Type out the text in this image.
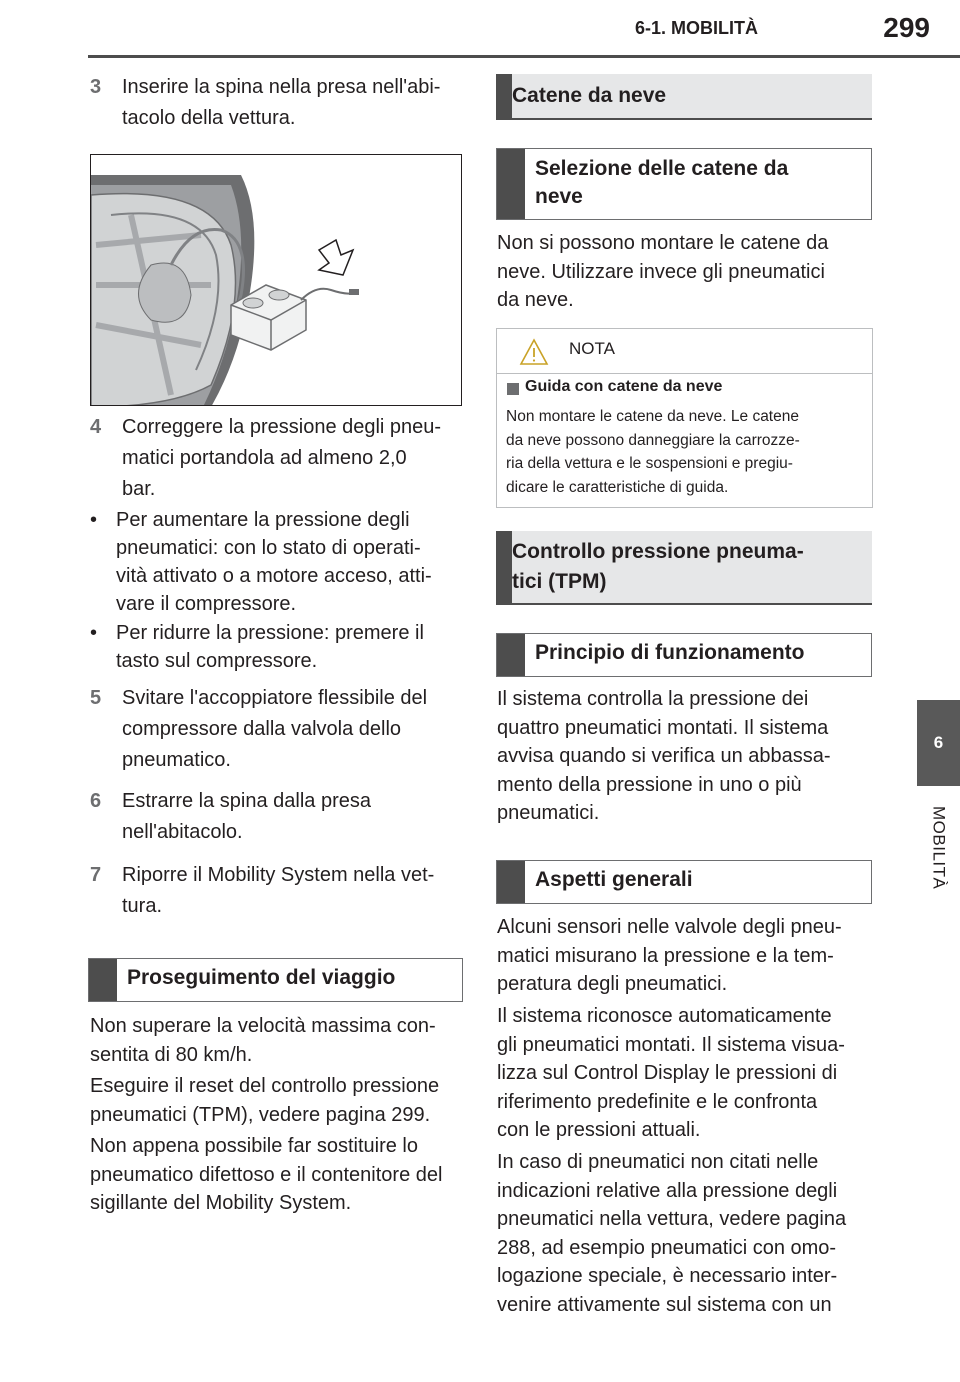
6-1. MOBILITÀ	299
6
MOBILITÀ
3	Inserire la spina nella presa nell'abi-
tacolo della vettura.
4	Correggere la pressione degli pneu-
matici portandola ad almeno 2,0
bar.
• Per aumentare la pressione degli
pneumatici: con lo stato di operati-
vità attivato o a motore acceso, atti-
vare il compressore.
• Per ridurre la pressione: premere il
tasto sul compressore.
5	Svitare l'accoppiatore flessibile del
compressore dalla valvola dello
pneumatico.
6	Estrarre la spina dalla presa
nell'abitacolo.
7	Riporre il Mobility System nella vet-
tura.
Proseguimento del viaggio
Non superare la velocità massima con-
sentita di 80 km/h.
Eseguire il reset del controllo pressione
pneumatici (TPM), vedere pagina 299.
Non appena possibile far sostituire lo
pneumatico difettoso e il contenitore del
sigillante del Mobility System.
Catene da neve
Selezione delle catene da
neve
Non si possono montare le catene da
neve. Utilizzare invece gli pneumatici
da neve.
NOTA
Guida con catene da neve
Non montare le catene da neve. Le catene
da neve possono danneggiare la carrozze-
ria della vettura e le sospensioni e pregiu-
dicare le caratteristiche di guida.
Controllo pressione pneuma-
tici (TPM)
Principio di funzionamento
Il sistema controlla la pressione dei
quattro pneumatici montati. Il sistema
avvisa quando si verifica un abbassa-
mento della pressione in uno o più
pneumatici.
Aspetti generali
Alcuni sensori nelle valvole degli pneu-
matici misurano la pressione e la tem-
peratura degli pneumatici.
Il sistema riconosce automaticamente
gli pneumatici montati. Il sistema visua-
lizza sul Control Display le pressioni di
riferimento predefinite e le confronta
con le pressioni attuali.
In caso di pneumatici non citati nelle
indicazioni relative alla pressione degli
pneumatici nella vettura, vedere pagina
288, ad esempio pneumatici con omo-
logazione speciale, è necessario inter-
venire attivamente sul sistema con un
